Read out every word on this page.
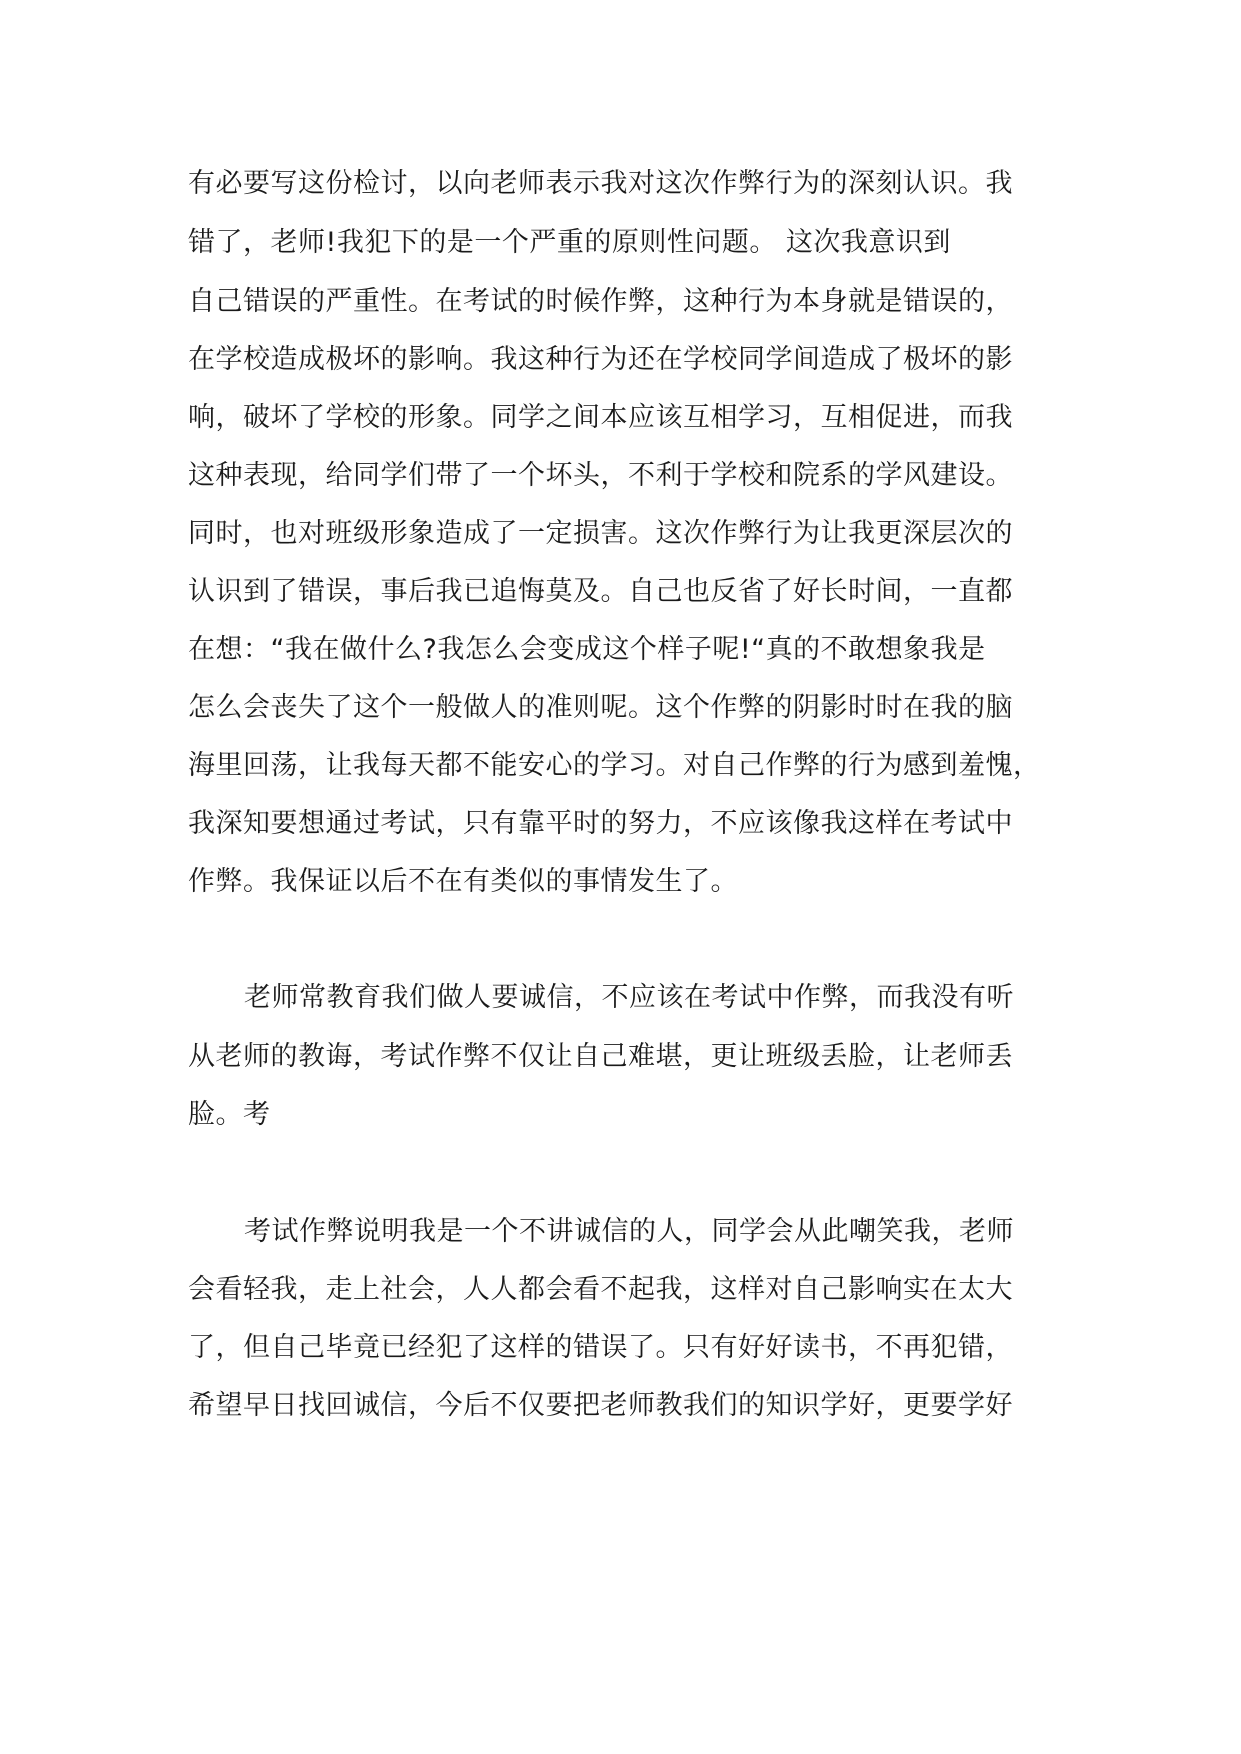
有必要写这份检讨，以向老师表示我对这次作弊行为的深刻认识。我
错了，老师!我犯下的是一个严重的原则性问题。 这次我意识到
自己错误的严重性。在考试的时候作弊，这种行为本身就是错误的，
在学校造成极坏的影响。我这种行为还在学校同学间造成了极坏的影
响，破坏了学校的形象。同学之间本应该互相学习，互相促进，而我
这种表现，给同学们带了一个坏头，不利于学校和院系的学风建设。
同时，也对班级形象造成了一定损害。这次作弊行为让我更深层次的
认识到了错误，事后我已追悔莫及。自己也反省了好长时间，一直都
在想：“我在做什么?我怎么会变成这个样子呢!“真的不敢想象我是
怎么会丧失了这个一般做人的准则呢。这个作弊的阴影时时在我的脑
海里回荡，让我每天都不能安心的学习。对自己作弊的行为感到羞愧，
我深知要想通过考试，只有靠平时的努力，不应该像我这样在考试中
作弊。我保证以后不在有类似的事情发生了。
老师常教育我们做人要诚信，不应该在考试中作弊，而我没有听
从老师的教诲，考试作弊不仅让自己难堪，更让班级丢脸，让老师丢
脸。考
考试作弊说明我是一个不讲诚信的人，同学会从此嘲笑我，老师
会看轻我，走上社会，人人都会看不起我，这样对自己影响实在太大
了，但自己毕竟已经犯了这样的错误了。只有好好读书，不再犯错，
希望早日找回诚信，今后不仅要把老师教我们的知识学好，更要学好
